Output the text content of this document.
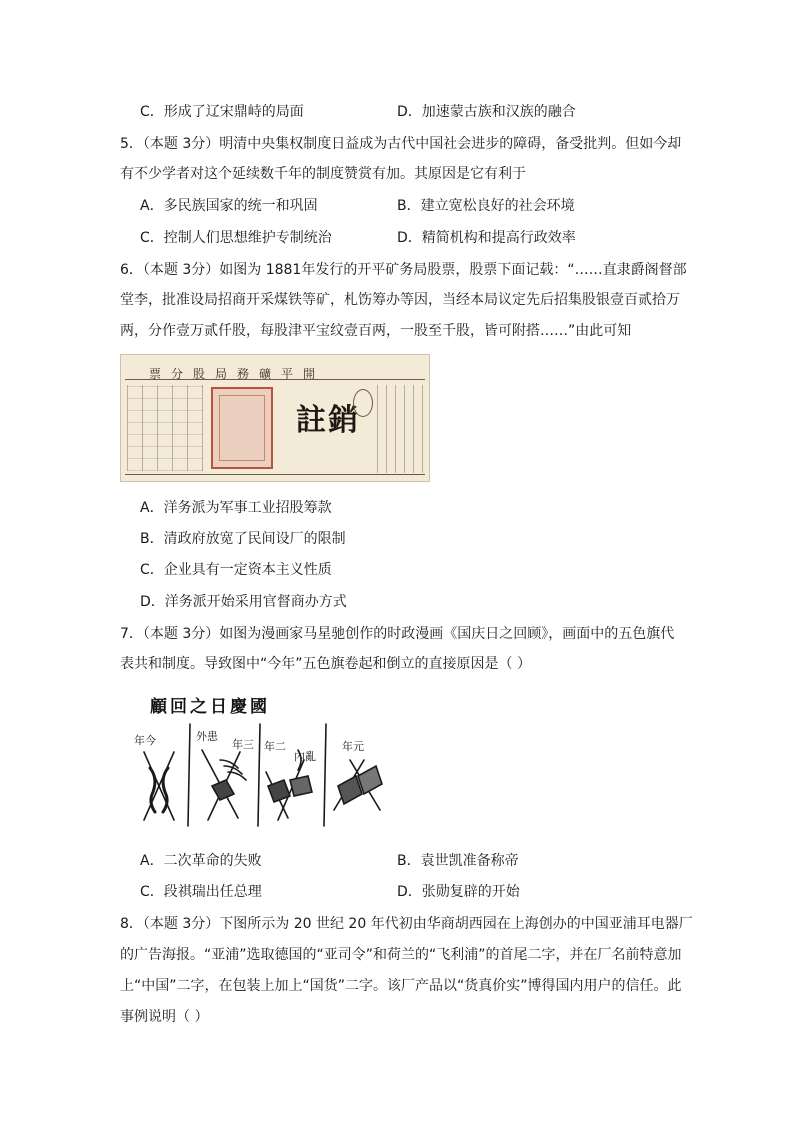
C．形成了辽宋鼎峙的局面	D．加速蒙古族和汉族的融合
5．（本题 3分）明清中央集权制度日益成为古代中国社会进步的障碍，备受批判。但如今却
有不少学者对这个延续数千年的制度赞赏有加。其原因是它有利于
A．多民族国家的统一和巩固	B．建立宽松良好的社会环境
C．控制人们思想维护专制统治	D．精简机构和提高行政效率
6．（本题 3分）如图为 1881年发行的开平矿务局股票，股票下面记载：“……直隶爵阁督部
堂李，批准设局招商开采煤铁等矿，札饬筹办等因，当经本局议定先后招集股银壹百贰拾万
两，分作壹万贰仟股，每股津平宝纹壹百两，一股至千股，皆可附搭……”由此可知
票分股局務礦平開
註銷
A．洋务派为军事工业招股筹款
B．清政府放宽了民间设厂的限制
C．企业具有一定资本主义性质
D．洋务派开始采用官督商办方式
7．（本题 3分）如图为漫画家马星驰创作的时政漫画《国庆日之回顾》，画面中的五色旗代
表共和制度。导致图中“今年”五色旗卷起和倒立的直接原因是（ ）
顧回之日慶國
年今	外患
年三 年二
內亂
年元
A．二次革命的失败	B．袁世凯准备称帝
C．段祺瑞出任总理	D．张勋复辟的开始
8．（本题 3分）下图所示为 20 世纪 20 年代初由华商胡西园在上海创办的中国亚浦耳电器厂
的广告海报。“亚浦”选取德国的“亚司令”和荷兰的“飞利浦”的首尾二字，并在厂名前特意加
上“中国”二字，在包装上加上“国货”二字。该厂产品以“货真价实”博得国内用户的信任。此
事例说明（ ）
